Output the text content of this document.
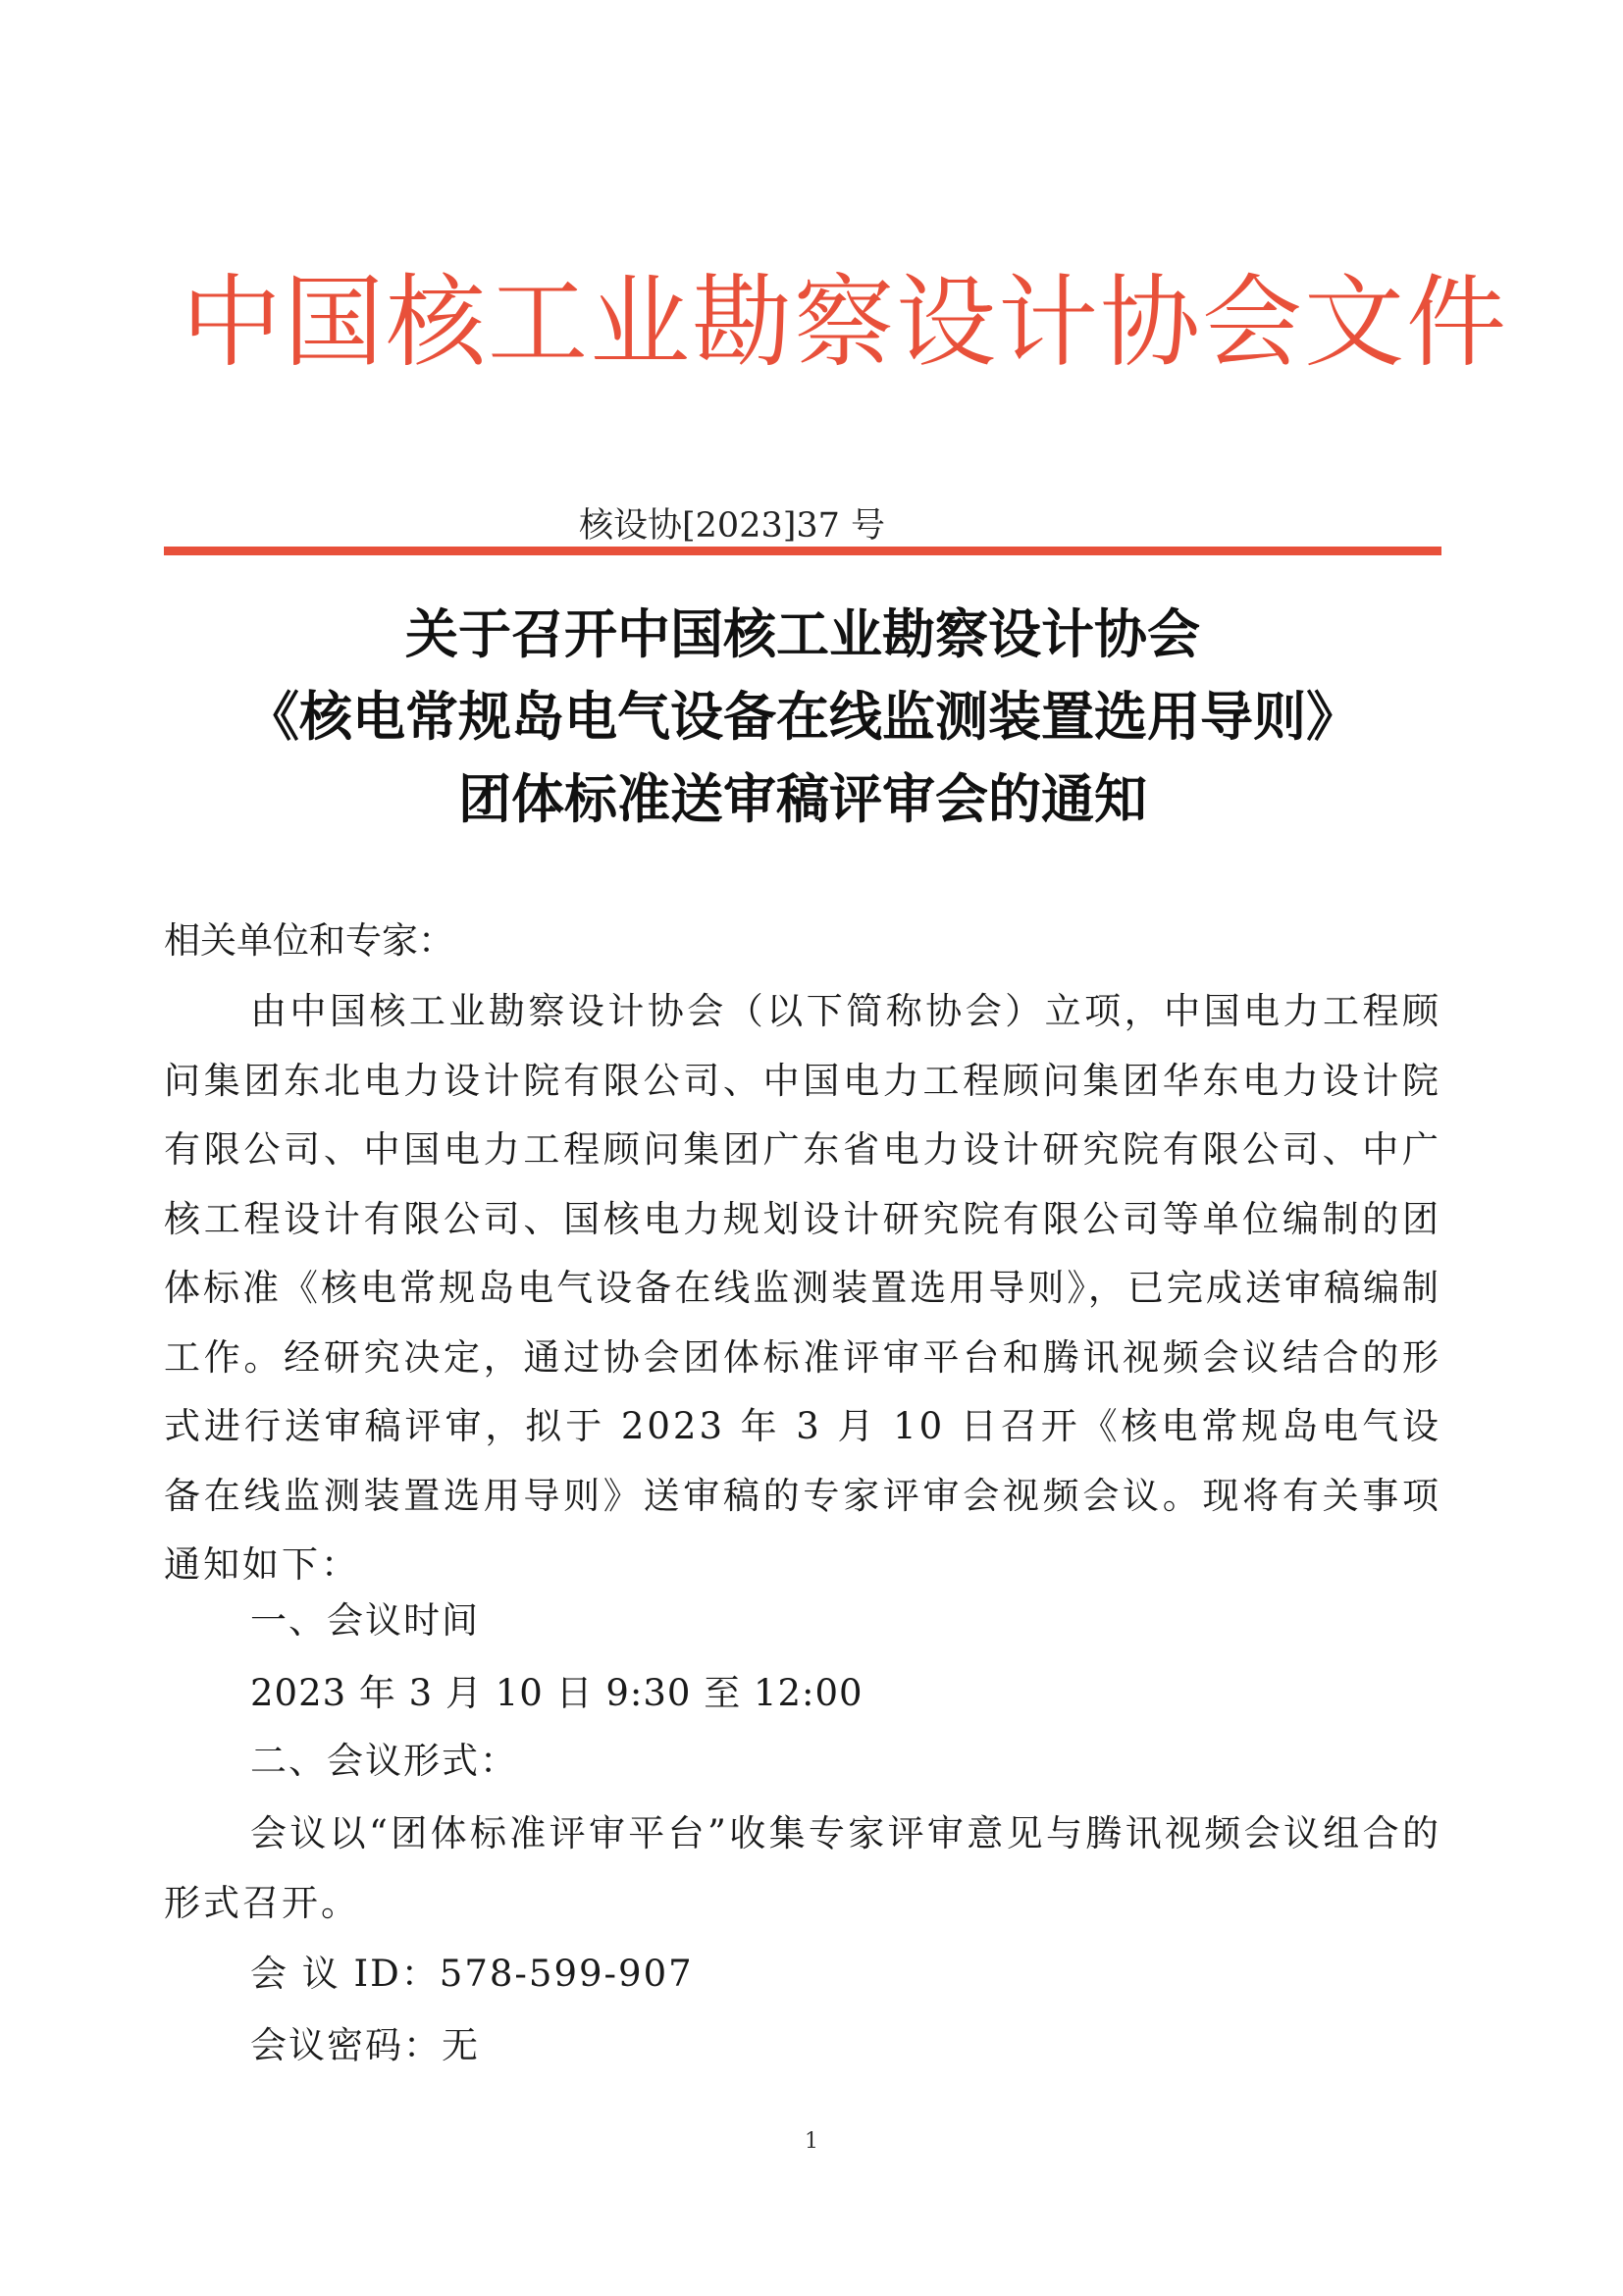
中国核工业勘察设计协会文件
核设协[2023]37 号
关于召开中国核工业勘察设计协会
《核电常规岛电气设备在线监测装置选用导则》
团体标准送审稿评审会的通知
相关单位和专家：
由中国核工业勘察设计协会（以下简称协会）立项，中国电力工程顾问集团东北电力设计院有限公司、中国电力工程顾问集团华东电力设计院有限公司、中国电力工程顾问集团广东省电力设计研究院有限公司、中广核工程设计有限公司、国核电力规划设计研究院有限公司等单位编制的团体标准《核电常规岛电气设备在线监测装置选用导则》，已完成送审稿编制工作。经研究决定，通过协会团体标准评审平台和腾讯视频会议结合的形式进行送审稿评审，拟于 2023 年 3 月 10 日召开《核电常规岛电气设备在线监测装置选用导则》送审稿的专家评审会视频会议。现将有关事项通知如下：
一、会议时间
2023 年 3 月 10 日 9:30 至 12:00
二、会议形式：
会议以“团体标准评审平台”收集专家评审意见与腾讯视频会议组合的形式召开。
会 议 ID：578-599-907
会议密码：无
1
